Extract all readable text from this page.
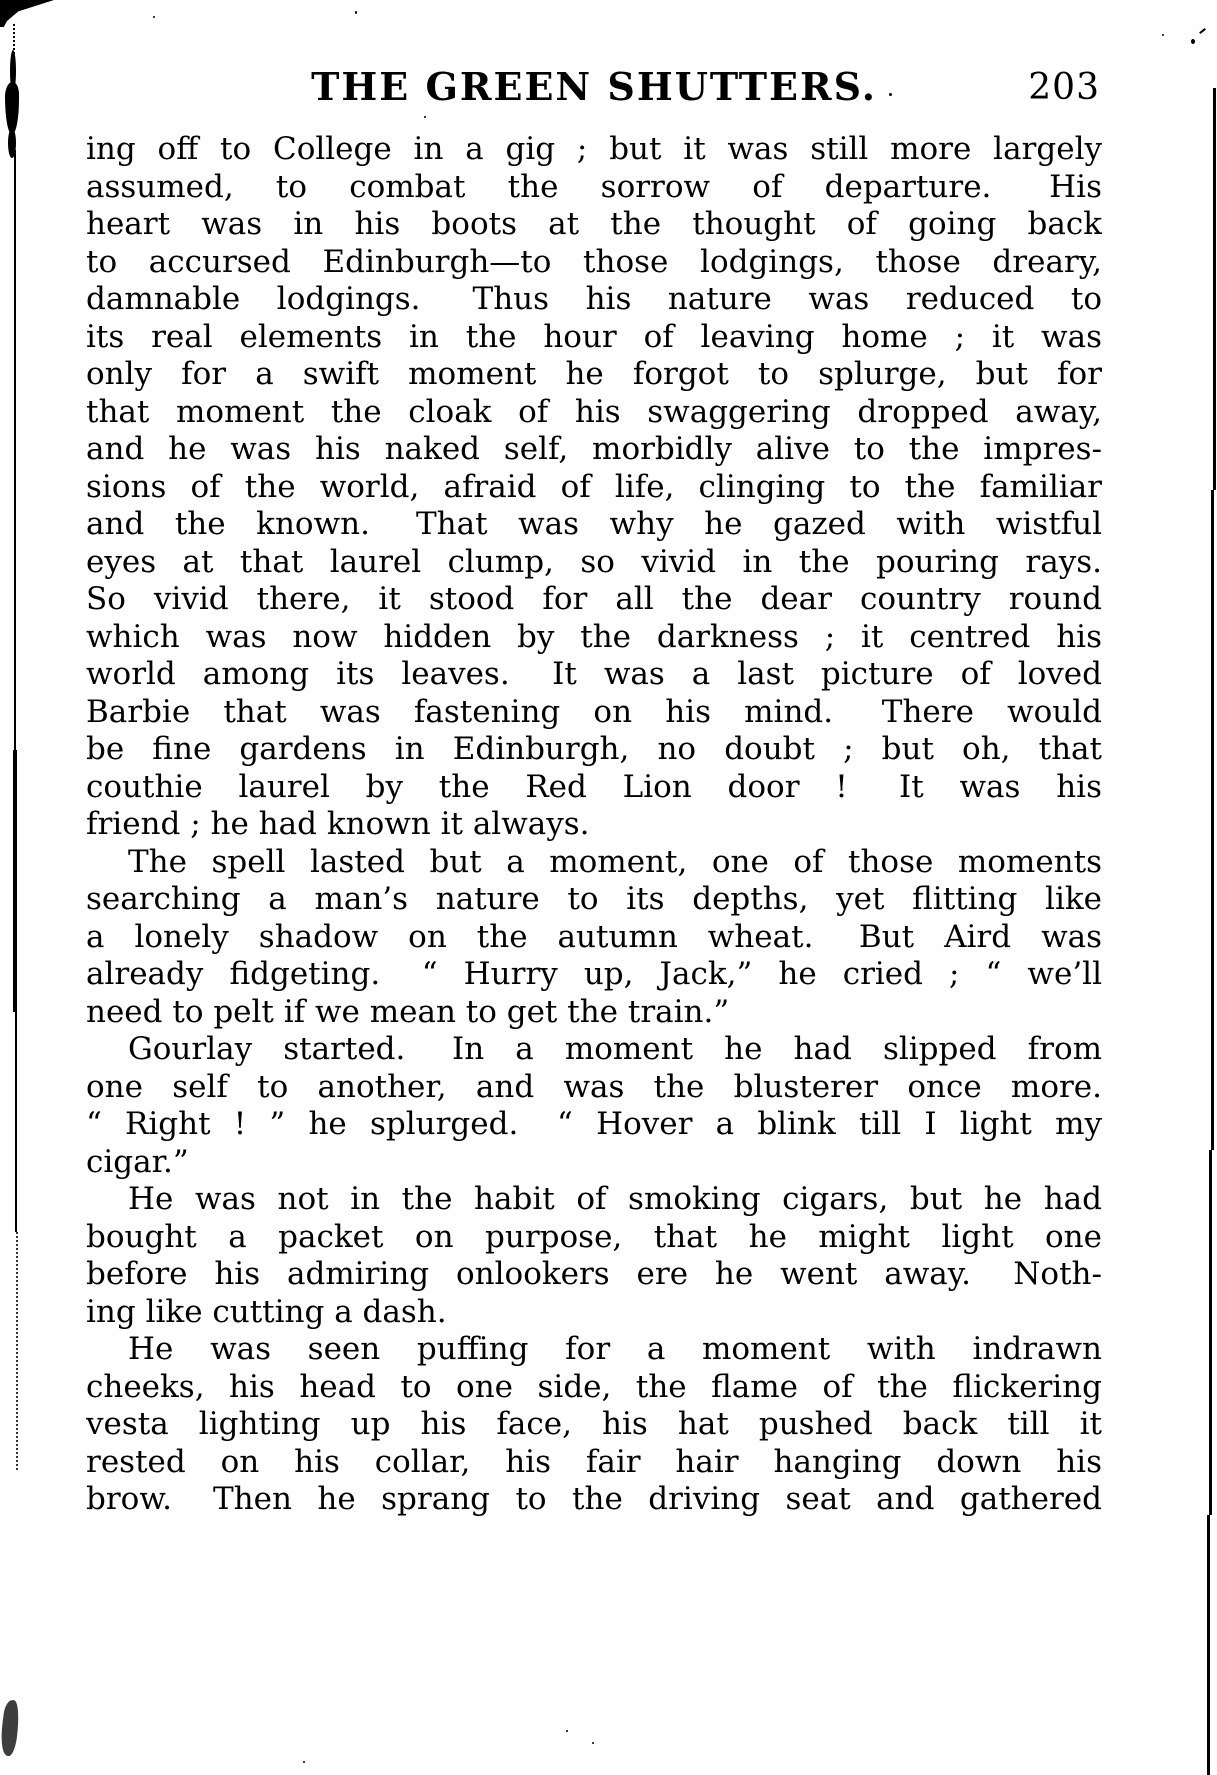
THE GREEN SHUTTERS.	203
ing off to College in a gig ; but it was still more largely
assumed, to combat the sorrow of departure.  His
heart was in his boots at the thought of going back
to accursed Edinburgh—to those lodgings, those dreary,
damnable lodgings.  Thus his nature was reduced to
its real elements in the hour of leaving home ; it was
only for a swift moment he forgot to splurge, but for
that moment the cloak of his swaggering dropped away,
and he was his naked self, morbidly alive to the impres-
sions of the world, afraid of life, clinging to the familiar
and the known.  That was why he gazed with wistful
eyes at that laurel clump, so vivid in the pouring rays.
So vivid there, it stood for all the dear country round
which was now hidden by the darkness ; it centred his
world among its leaves.  It was a last picture of loved
Barbie that was fastening on his mind.  There would
be fine gardens in Edinburgh, no doubt ; but oh, that
couthie laurel by the Red Lion door !  It was his
friend ; he had known it always.
The spell lasted but a moment, one of those moments
searching a man’s nature to its depths, yet flitting like
a lonely shadow on the autumn wheat.  But Aird was
already fidgeting.  “ Hurry up, Jack,” he cried ; “ we’ll
need to pelt if we mean to get the train.”
Gourlay started.  In a moment he had slipped from
one self to another, and was the blusterer once more.
“ Right ! ” he splurged.  “ Hover a blink till I light my
cigar.”
He was not in the habit of smoking cigars, but he had
bought a packet on purpose, that he might light one
before his admiring onlookers ere he went away.  Noth-
ing like cutting a dash.
He was seen puffing for a moment with indrawn
cheeks, his head to one side, the flame of the flickering
vesta lighting up his face, his hat pushed back till it
rested on his collar, his fair hair hanging down his
brow.  Then he sprang to the driving seat and gathered
